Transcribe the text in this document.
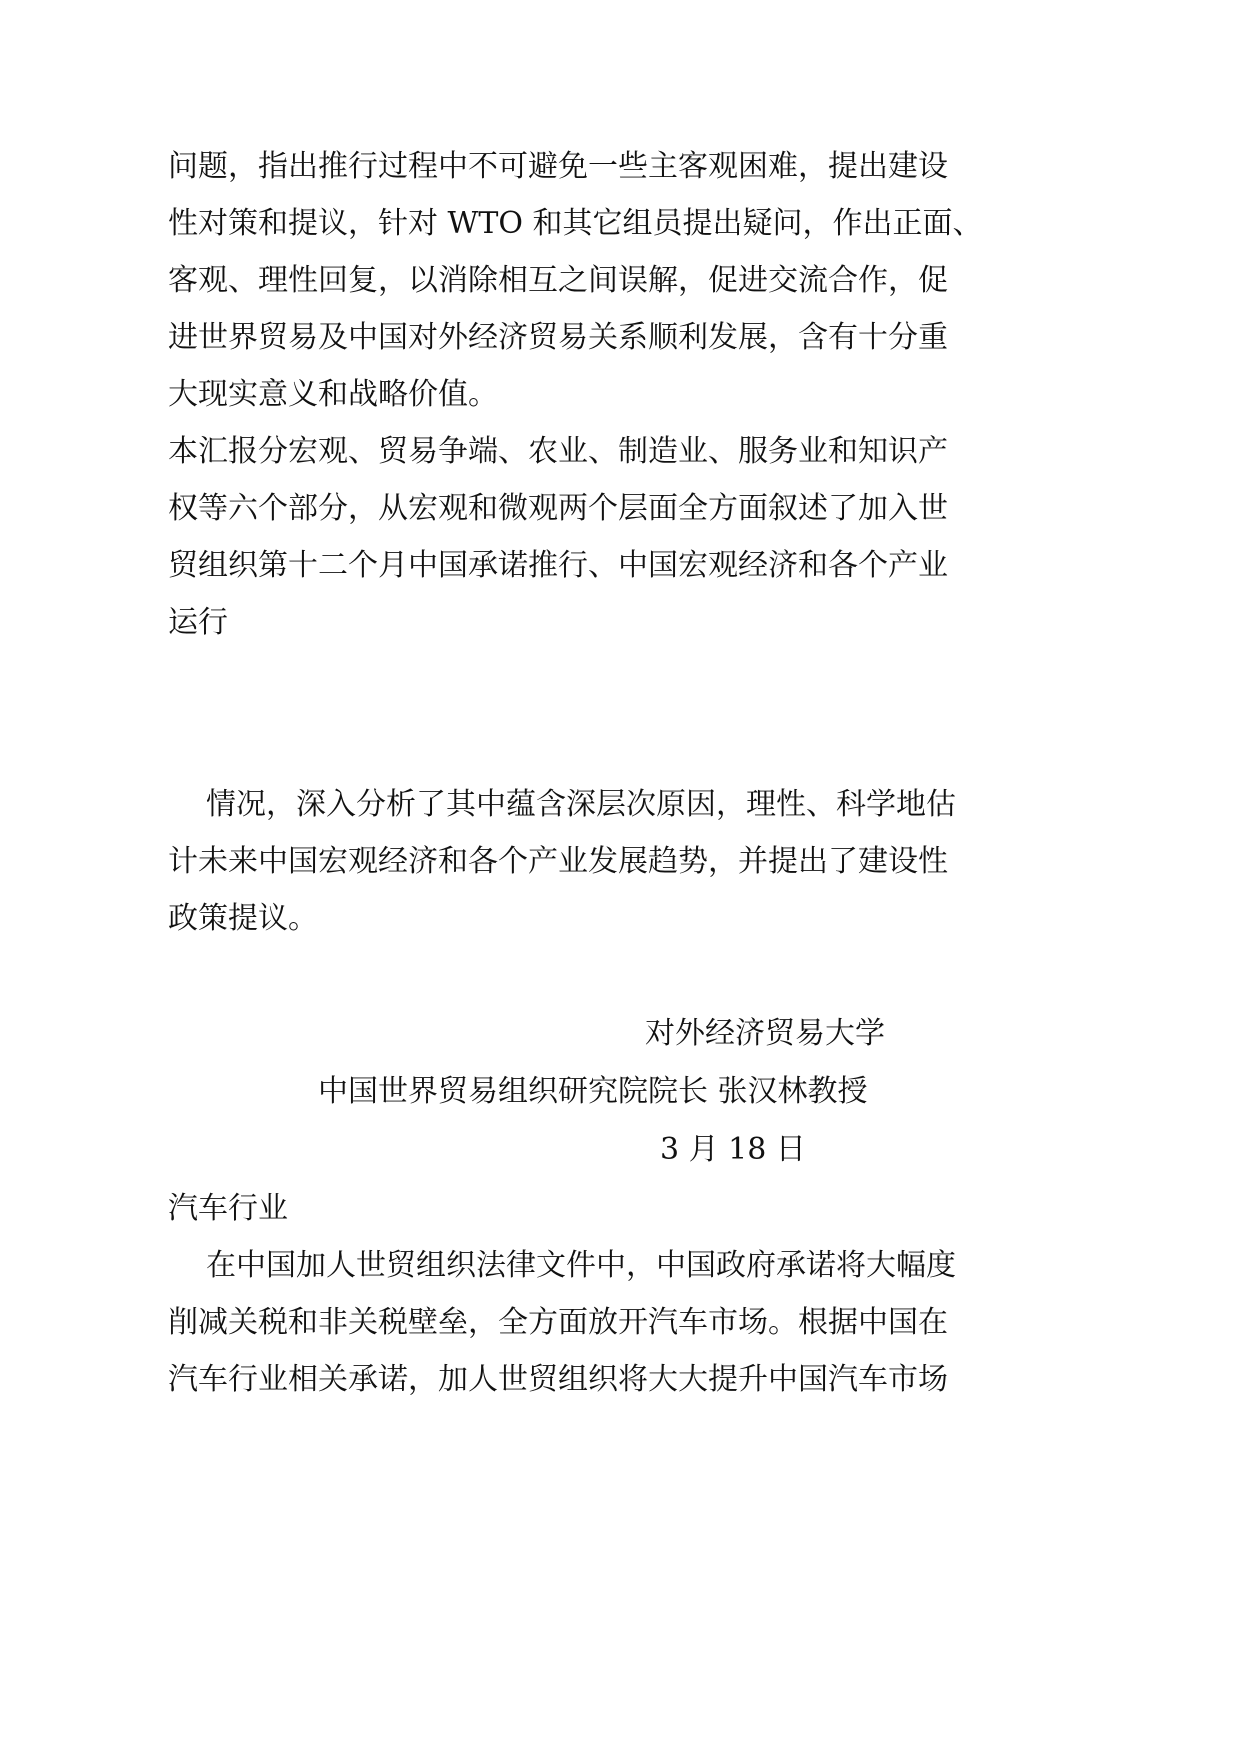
问题，指出推行过程中不可避免一些主客观困难，提出建设
性对策和提议，针对 WTO 和其它组员提出疑问，作出正面、
客观、理性回复，以消除相互之间误解，促进交流合作，促
进世界贸易及中国对外经济贸易关系顺利发展，含有十分重
大现实意义和战略价值。
本汇报分宏观、贸易争端、农业、制造业、服务业和知识产
权等六个部分，从宏观和微观两个层面全方面叙述了加入世
贸组织第十二个月中国承诺推行、中国宏观经济和各个产业
运行
情况，深入分析了其中蕴含深层次原因，理性、科学地估
计未来中国宏观经济和各个产业发展趋势，并提出了建设性
政策提议。

对外经济贸易大学

中国世界贸易组织研究院院长 张汉林教授

3 月 18 日

汽车行业
在中国加人世贸组织法律文件中，中国政府承诺将大幅度
削减关税和非关税壁垒，全方面放开汽车市场。根据中国在
汽车行业相关承诺，加人世贸组织将大大提升中国汽车市场
